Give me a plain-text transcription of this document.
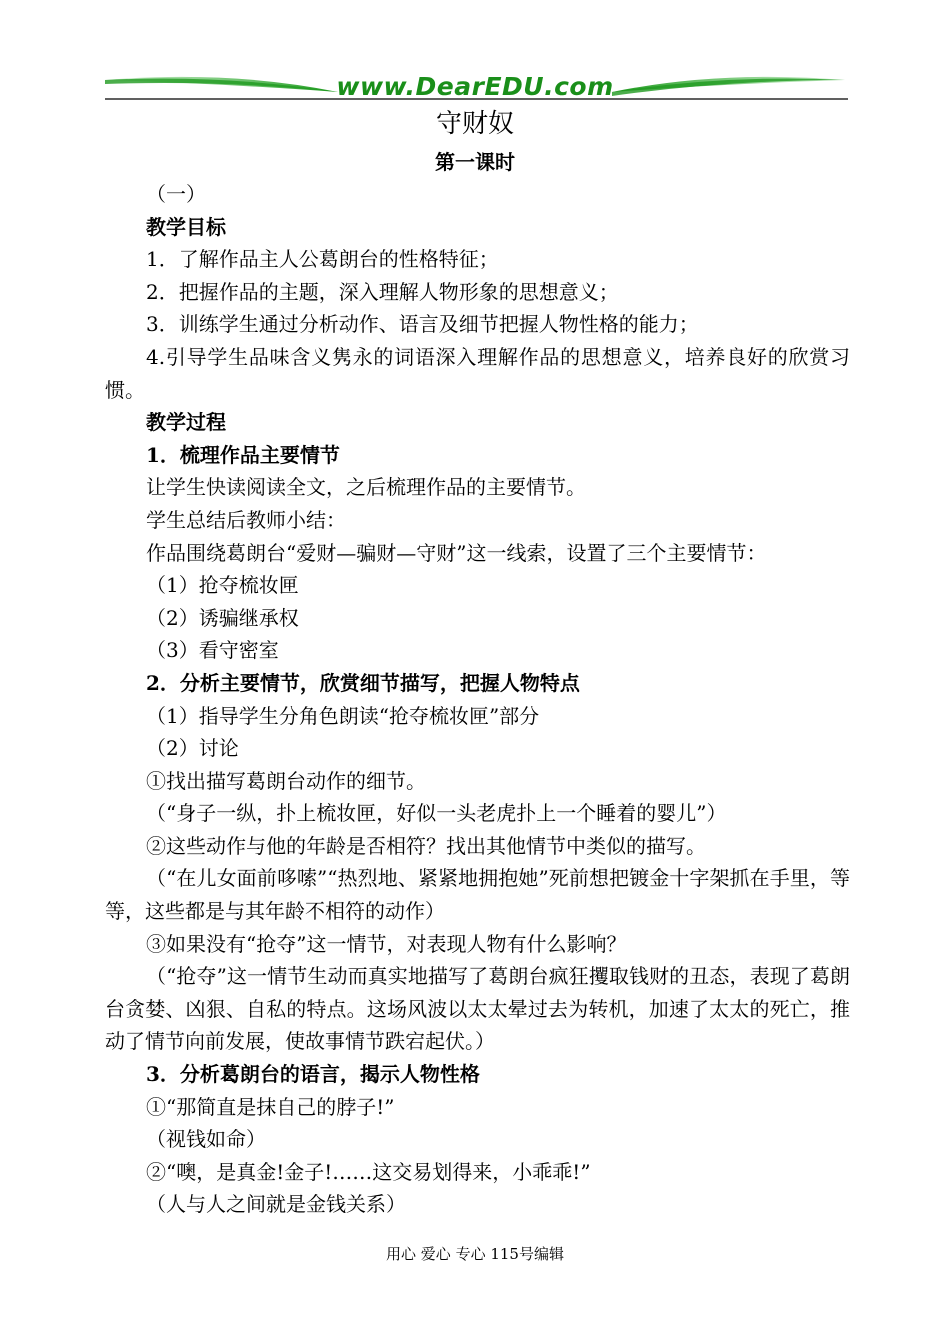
www.DearEDU.com
守财奴
第一课时
（一）
教学目标
1．了解作品主人公葛朗台的性格特征；
2．把握作品的主题，深入理解人物形象的思想意义；
3．训练学生通过分析动作、语言及细节把握人物性格的能力；
4.引导学生品味含义隽永的词语深入理解作品的思想意义，培养良好的欣赏习惯。
教学过程
1．梳理作品主要情节
让学生快读阅读全文，之后梳理作品的主要情节。
学生总结后教师小结：
作品围绕葛朗台“爱财—骗财—守财”这一线索，设置了三个主要情节：
（1）抢夺梳妆匣
（2）诱骗继承权
（3）看守密室
2．分析主要情节，欣赏细节描写，把握人物特点
（1）指导学生分角色朗读“抢夺梳妆匣”部分
（2）讨论
①找出描写葛朗台动作的细节。
（“身子一纵，扑上梳妆匣，好似一头老虎扑上一个睡着的婴儿”）
②这些动作与他的年龄是否相符？找出其他情节中类似的描写。
（“在儿女面前哆嗦”“热烈地、紧紧地拥抱她”死前想把镀金十字架抓在手里，等等，这些都是与其年龄不相符的动作）
③如果没有“抢夺”这一情节，对表现人物有什么影响？
（“抢夺”这一情节生动而真实地描写了葛朗台疯狂攫取钱财的丑态，表现了葛朗台贪婪、凶狠、自私的特点。这场风波以太太晕过去为转机，加速了太太的死亡，推动了情节向前发展，使故事情节跌宕起伏。）
3．分析葛朗台的语言，揭示人物性格
①“那简直是抹自己的脖子!”
（视钱如命）
②“噢，是真金!金子!……这交易划得来，小乖乖!”
（人与人之间就是金钱关系）
用心 爱心 专心 115号编辑
